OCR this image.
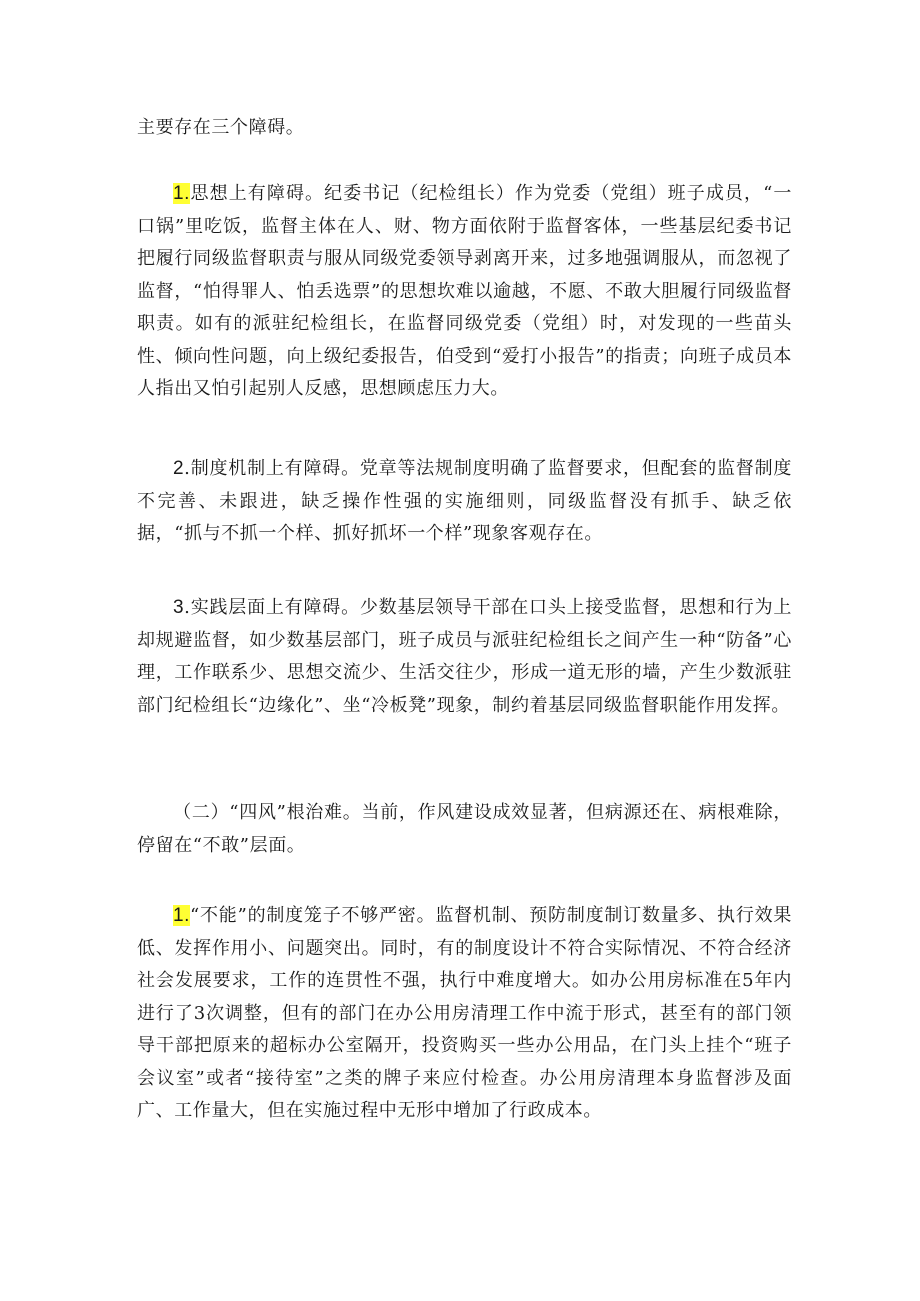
主要存在三个障碍。

1.思想上有障碍。纪委书记（纪检组长）作为党委（党组）班子成员，“一口锅”里吃饭，监督主体在人、财、物方面依附于监督客体，一些基层纪委书记把履行同级监督职责与服从同级党委领导剥离开来，过多地强调服从，而忽视了监督，“怕得罪人、怕丢选票”的思想坎难以逾越，不愿、不敢大胆履行同级监督职责。如有的派驻纪检组长，在监督同级党委（党组）时，对发现的一些苗头性、倾向性问题，向上级纪委报告，伯受到“爱打小报告”的指责；向班子成员本人指出又怕引起别人反感，思想顾虑压力大。

2.制度机制上有障碍。党章等法规制度明确了监督要求，但配套的监督制度不完善、未跟进，缺乏操作性强的实施细则，同级监督没有抓手、缺乏依据，“抓与不抓一个样、抓好抓坏一个样”现象客观存在。

3.实践层面上有障碍。少数基层领导干部在口头上接受监督，思想和行为上却规避监督，如少数基层部门，班子成员与派驻纪检组长之间产生一种“防备”心理，工作联系少、思想交流少、生活交往少，形成一道无形的墙，产生少数派驻部门纪检组长“边缘化”、坐“冷板凳”现象，制约着基层同级监督职能作用发挥。

（二）“四风”根治难。当前，作风建设成效显著，但病源还在、病根难除，停留在“不敢”层面。

1.“不能”的制度笼子不够严密。监督机制、预防制度制订数量多、执行效果低、发挥作用小、问题突出。同时，有的制度设计不符合实际情况、不符合经济社会发展要求，工作的连贯性不强，执行中难度增大。如办公用房标准在5年内进行了3次调整，但有的部门在办公用房清理工作中流于形式，甚至有的部门领导干部把原来的超标办公室隔开，投资购买一些办公用品，在门头上挂个“班子会议室”或者“接待室”之类的牌子来应付检查。办公用房清理本身监督涉及面广、工作量大，但在实施过程中无形中增加了行政成本。
